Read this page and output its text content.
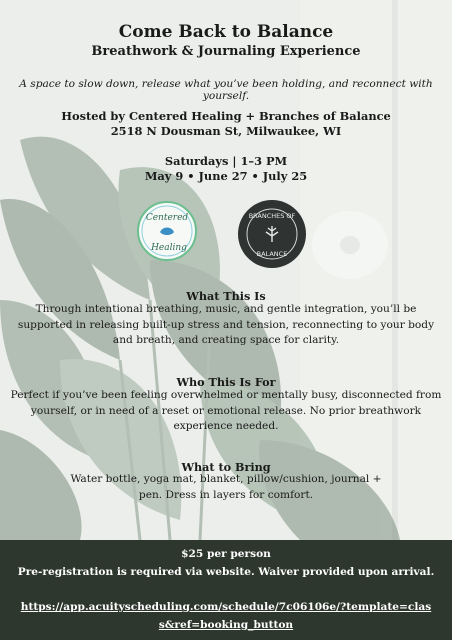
Come Back to Balance
Breathwork & Journaling Experience
A space to slow down, release what you’ve been holding, and reconnect with yourself.
Hosted by Centered Healing + Branches of Balance
2518 N Dousman St, Milwaukee, WI
Saturdays | 1–3 PM
May 9 • June 27 • July 25
Centered
Healing
BRANCHES OF
BALANCE
What This Is
Through intentional breathing, music, and gentle integration, you’ll be supported in releasing built-up stress and tension, reconnecting to your body and breath, and creating space for clarity.
Who This Is For
Perfect if you’ve been feeling overwhelmed or mentally busy, disconnected from yourself, or in need of a reset or emotional release. No prior breathwork experience needed.
What to Bring
Water bottle, yoga mat, blanket, pillow/cushion, journal + pen. Dress in layers for comfort.
$25 per person
Pre-registration is required via website. Waiver provided upon arrival.
https://app.acuityscheduling.com/schedule/7c06106e/?template=class&ref=booking_button
